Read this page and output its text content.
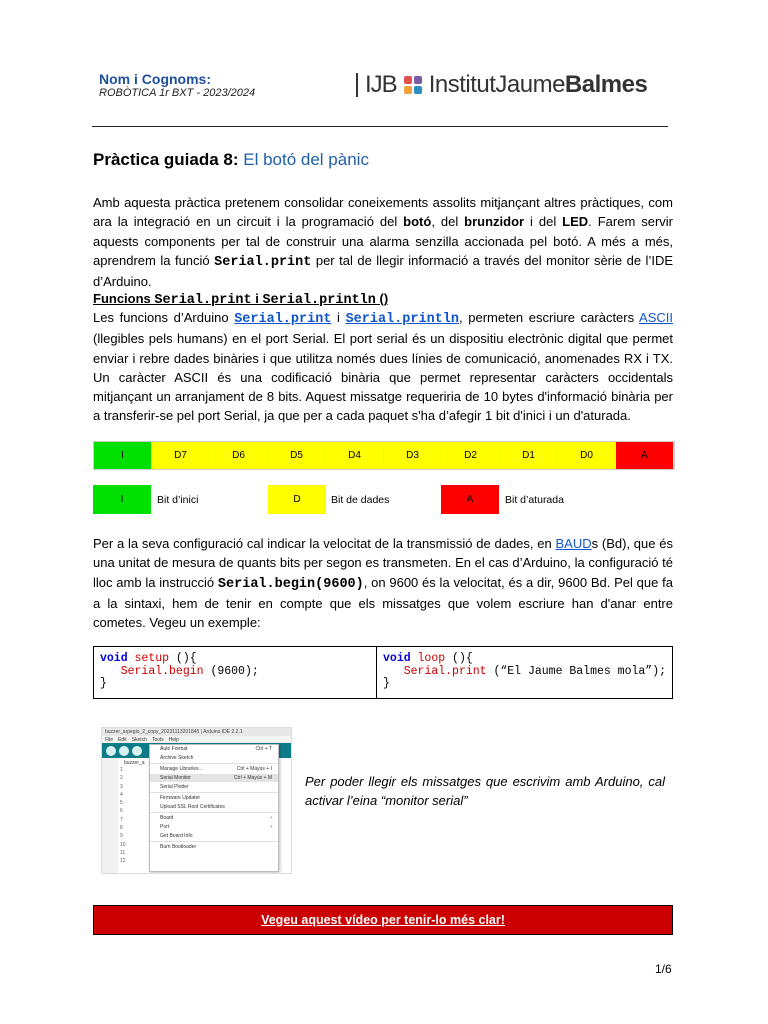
Nom i Cognoms:
ROBÒTICA 1r BXT - 2023/2024	IJB InstitutJaumeBalmes
Pràctica guiada 8: El botó del pànic
Amb aquesta pràctica pretenem consolidar coneixements assolits mitjançant altres pràctiques, com ara la integració en un circuit i la programació del botó, del brunzidor i del LED. Farem servir aquests components per tal de construir una alarma senzilla accionada pel botó. A més a més, aprendrem la funció Serial.print per tal de llegir informació a través del monitor sèrie de l’IDE d’Arduino.
Funcions Serial.print i Serial.println ()
Les funcions d’Arduino Serial.print i Serial.println, permeten escriure caràcters ASCII (llegibles pels humans) en el port Serial. El port serial és un dispositiu electrònic digital que permet enviar i rebre dades binàries i que utilitza només dues línies de comunicació, anomenades RX i TX. Un caràcter ASCII és una codificació binària que permet representar caràcters occidentals mitjançant un arranjament de 8 bits. Aquest missatge requeriria de 10 bytes d'informació binària per a transferir-se pel port Serial, ja que per a cada paquet s'ha d’afegir 1 bit d'inici i un d'aturada.
I	D7	D6	D5	D4	D3	D2	D1	D0	A
I	Bit d’inici	D	Bit de dades	A	Bit d’aturada
Per a la seva configuració cal indicar la velocitat de la transmissió de dades, en BAUDs (Bd), que és una unitat de mesura de quants bits per segon es transmeten. En el cas d’Arduino, la configuració té lloc amb la instrucció Serial.begin(9600), on 9600 és la velocitat, és a dir, 9600 Bd. Pel que fa a la sintaxi, hem de tenir en compte que els missatges que volem escriure han d'anar entre cometes. Vegeu un exemple:
void setup (){
Serial.begin (9600);
}
void loop (){
Serial.print (“El Jaume Balmes mola”);
}
buzzer_arpegio_2_copy_20231113201845 | Arduino IDE 2.2.1
File Edit Sketch Tools Help
buzzer_a
1
2
3
4
5
6
7
8
9
10
11
12
Auto Format	Ctrl + T
Archive Sketch
Manage Libraries...	Ctrl + Mayús + I
Serial Monitor	Ctrl + Mayús + M
Serial Plotter
Firmware Updater
Upload SSL Root Certificates
Board	›
Port	›
Get Board Info
Burn Bootloader
Per poder llegir els missatges que escrivim amb Arduino, cal activar l’eina “monitor serial”
Vegeu aquest vídeo per tenir-lo més clar!
1/6
